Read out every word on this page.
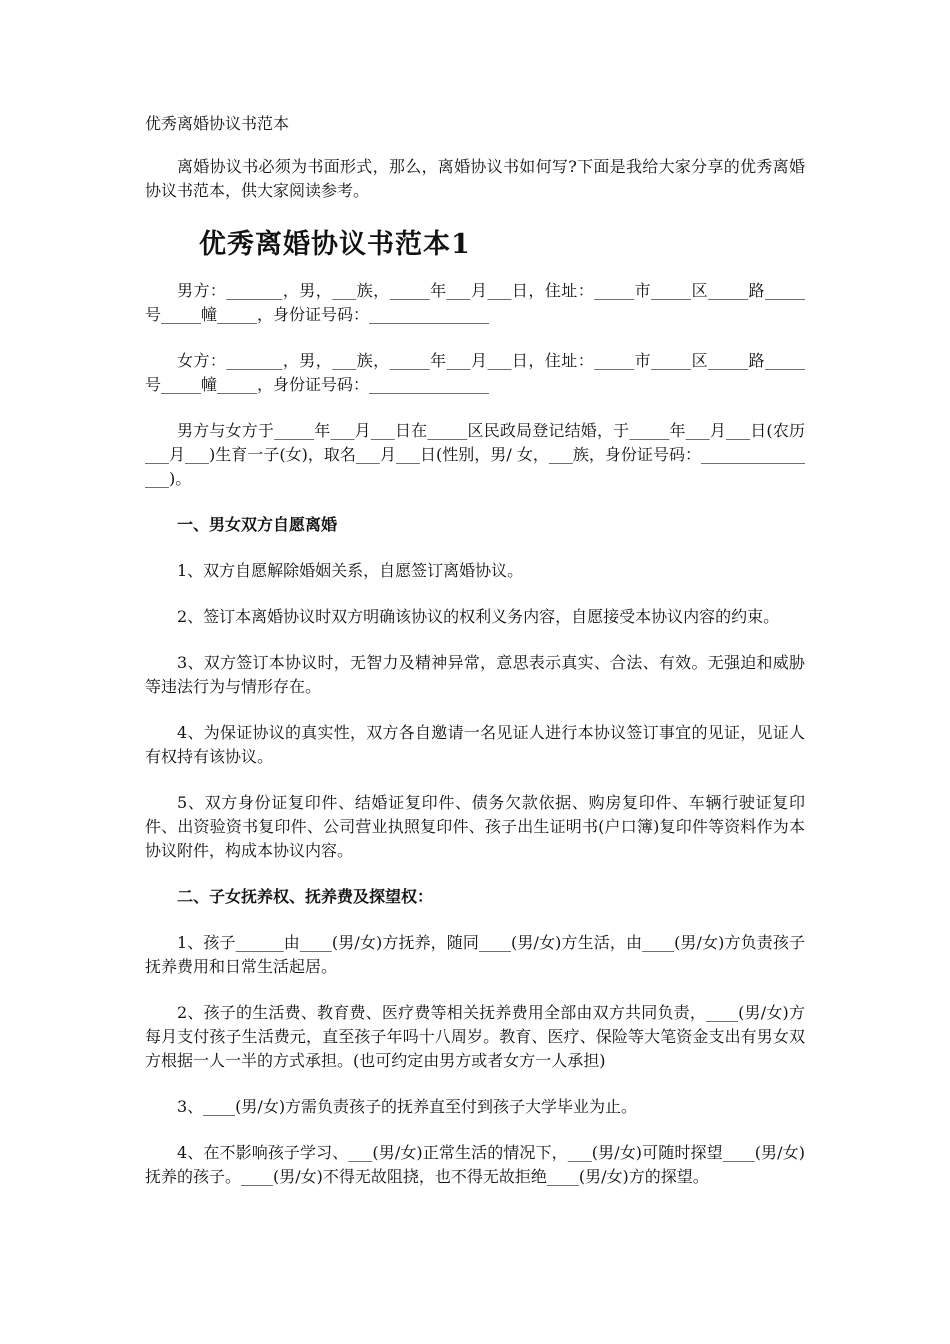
优秀离婚协议书范本

离婚协议书必须为书面形式，那么，离婚协议书如何写?下面是我给大家分享的优秀离婚协议书范本，供大家阅读参考。

优秀离婚协议书范本1

男方：_______，男，___族，_____年___月___日，住址：_____市_____区_____路_____号_____幢_____，身份证号码：_______________

女方：_______，男，___族，_____年___月___日，住址：_____市_____区_____路_____号_____幢_____，身份证号码：_______________

男方与女方于_____年___月___日在_____区民政局登记结婚，于_____年___月___日(农历___月___)生育一子(女)，取名___月___日(性别，男/ 女，___族，身份证号码：________________)。

一、男女双方自愿离婚

1、双方自愿解除婚姻关系，自愿签订离婚协议。

2、签订本离婚协议时双方明确该协议的权利义务内容，自愿接受本协议内容的约束。

3、双方签订本协议时，无智力及精神异常，意思表示真实、合法、有效。无强迫和威胁等违法行为与情形存在。

4、为保证协议的真实性，双方各自邀请一名见证人进行本协议签订事宜的见证，见证人有权持有该协议。

5、双方身份证复印件、结婚证复印件、债务欠款依据、购房复印件、车辆行驶证复印件、出资验资书复印件、公司营业执照复印件、孩子出生证明书(户口簿)复印件等资料作为本协议附件，构成本协议内容。

二、子女抚养权、抚养费及探望权：

1、孩子______由____(男/女)方抚养，随同____(男/女)方生活，由____(男/女)方负责孩子抚养费用和日常生活起居。

2、孩子的生活费、教育费、医疗费等相关抚养费用全部由双方共同负责，____(男/女)方每月支付孩子生活费元，直至孩子年吗十八周岁。教育、医疗、保险等大笔资金支出有男女双方根据一人一半的方式承担。(也可约定由男方或者女方一人承担)

3、____(男/女)方需负责孩子的抚养直至付到孩子大学毕业为止。

4、在不影响孩子学习、___(男/女)正常生活的情况下，___(男/女)可随时探望____(男/女)抚养的孩子。____(男/女)不得无故阻挠，也不得无故拒绝____(男/女)方的探望。
